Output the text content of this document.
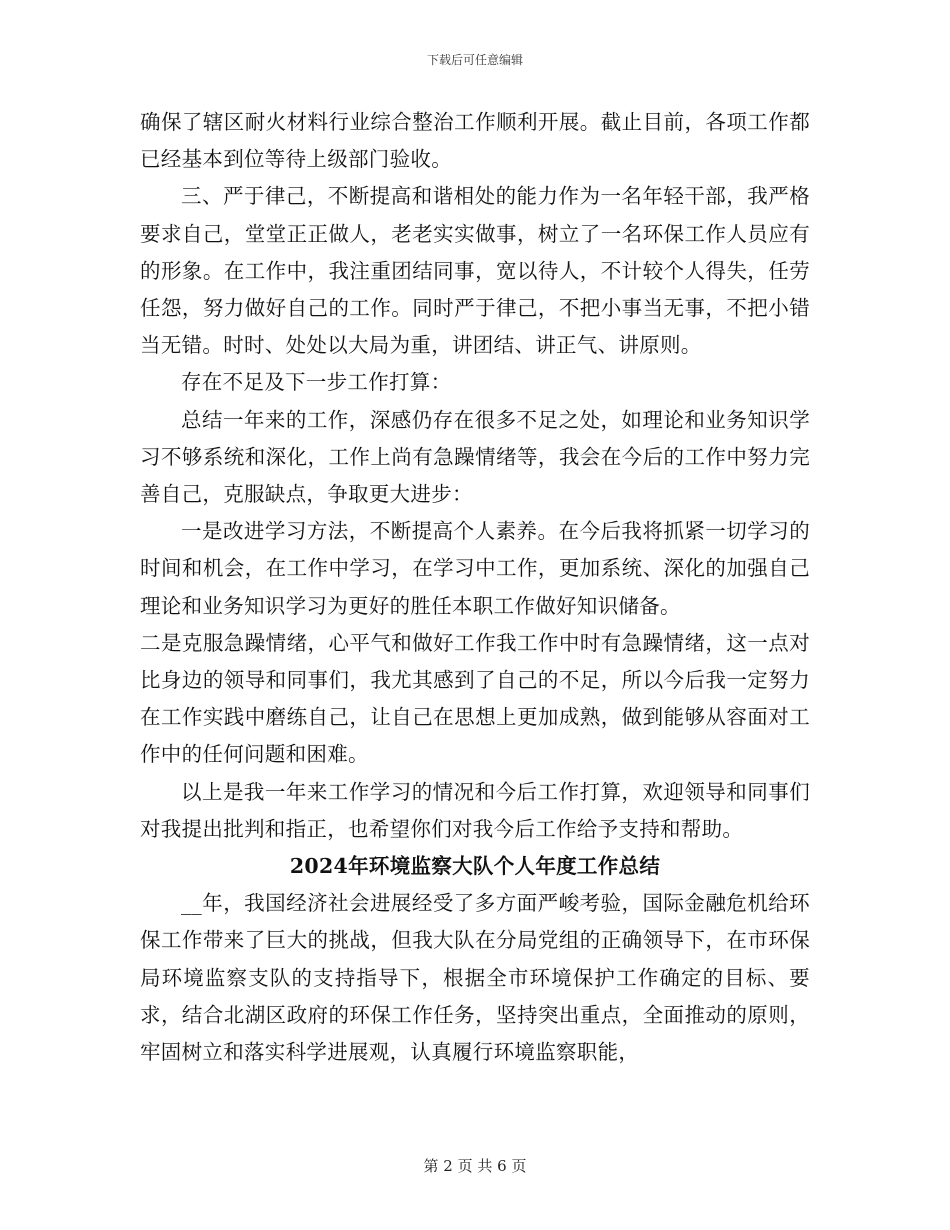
下载后可任意编辑

确保了辖区耐火材料行业综合整治工作顺利开展。截止目前，各项工作都已经基本到位等待上级部门验收。

三、严于律己，不断提高和谐相处的能力作为一名年轻干部，我严格要求自己，堂堂正正做人，老老实实做事，树立了一名环保工作人员应有的形象。在工作中，我注重团结同事，宽以待人，不计较个人得失，任劳任怨，努力做好自己的工作。同时严于律己，不把小事当无事，不把小错当无错。时时、处处以大局为重，讲团结、讲正气、讲原则。

存在不足及下一步工作打算：

总结一年来的工作，深感仍存在很多不足之处，如理论和业务知识学习不够系统和深化，工作上尚有急躁情绪等，我会在今后的工作中努力完善自己，克服缺点，争取更大进步：

一是改进学习方法，不断提高个人素养。在今后我将抓紧一切学习的时间和机会，在工作中学习，在学习中工作，更加系统、深化的加强自己理论和业务知识学习为更好的胜任本职工作做好知识储备。

二是克服急躁情绪，心平气和做好工作我工作中时有急躁情绪，这一点对比身边的领导和同事们，我尤其感到了自己的不足，所以今后我一定努力在工作实践中磨练自己，让自己在思想上更加成熟，做到能够从容面对工作中的任何问题和困难。

以上是我一年来工作学习的情况和今后工作打算，欢迎领导和同事们对我提出批判和指正，也希望你们对我今后工作给予支持和帮助。

2024年环境监察大队个人年度工作总结

__年，我国经济社会进展经受了多方面严峻考验，国际金融危机给环保工作带来了巨大的挑战，但我大队在分局党组的正确领导下，在市环保局环境监察支队的支持指导下，根据全市环境保护工作确定的目标、要求，结合北湖区政府的环保工作任务，坚持突出重点，全面推动的原则，牢固树立和落实科学进展观，认真履行环境监察职能，

第 2 页 共 6 页
